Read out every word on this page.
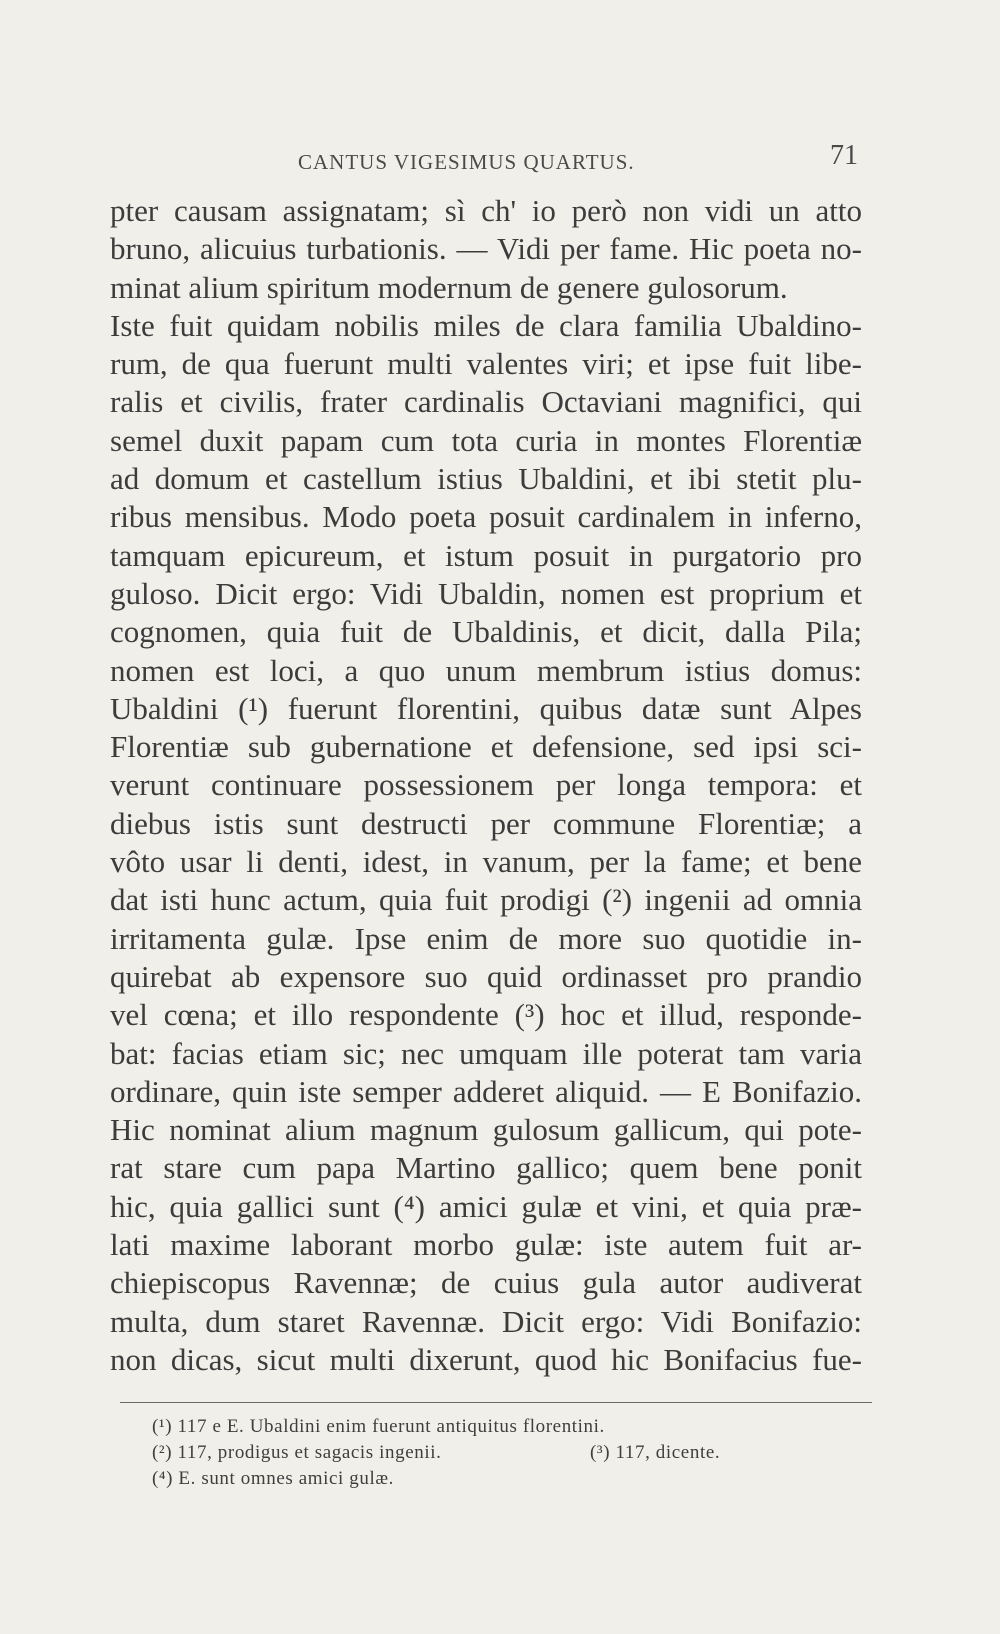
CANTUS VIGESIMUS QUARTUS.	71
pter causam assignatam; sì ch' io però non vidi un atto
bruno, alicuius turbationis. — Vidi per fame. Hic poeta no-
minat alium spiritum modernum de genere gulosorum.
Iste fuit quidam nobilis miles de clara familia Ubaldino-
rum, de qua fuerunt multi valentes viri; et ipse fuit libe-
ralis et civilis, frater cardinalis Octaviani magnifici, qui
semel duxit papam cum tota curia in montes Florentiæ
ad domum et castellum istius Ubaldini, et ibi stetit plu-
ribus mensibus. Modo poeta posuit cardinalem in inferno,
tamquam epicureum, et istum posuit in purgatorio pro
guloso. Dicit ergo: Vidi Ubaldin, nomen est proprium et
cognomen, quia fuit de Ubaldinis, et dicit, dalla Pila;
nomen est loci, a quo unum membrum istius domus:
Ubaldini (¹) fuerunt florentini, quibus datæ sunt Alpes
Florentiæ sub gubernatione et defensione, sed ipsi sci-
verunt continuare possessionem per longa tempora: et
diebus istis sunt destructi per commune Florentiæ; a
vôto usar li denti, idest, in vanum, per la fame; et bene
dat isti hunc actum, quia fuit prodigi (²) ingenii ad omnia
irritamenta gulæ. Ipse enim de more suo quotidie in-
quirebat ab expensore suo quid ordinasset pro prandio
vel cœna; et illo respondente (³) hoc et illud, responde-
bat: facias etiam sic; nec umquam ille poterat tam varia
ordinare, quin iste semper adderet aliquid. — E Bonifazio.
Hic nominat alium magnum gulosum gallicum, qui pote-
rat stare cum papa Martino gallico; quem bene ponit
hic, quia gallici sunt (⁴) amici gulæ et vini, et quia præ-
lati maxime laborant morbo gulæ: iste autem fuit ar-
chiepiscopus Ravennæ; de cuius gula autor audiverat
multa, dum staret Ravennæ. Dicit ergo: Vidi Bonifazio:
non dicas, sicut multi dixerunt, quod hic Bonifacius fue-
(¹) 117 e E. Ubaldini enim fuerunt antiquitus florentini.
(²) 117, prodigus et sagacis ingenii.	(³) 117, dicente.
(⁴) E. sunt omnes amici gulæ.
